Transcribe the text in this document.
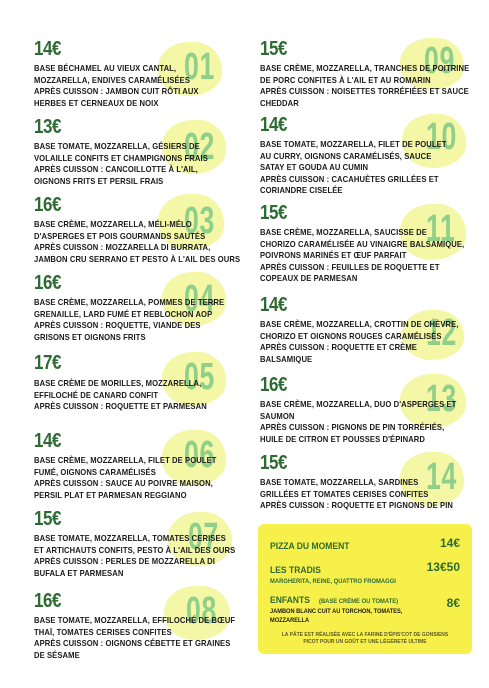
01
14€
BASE BÉCHAMEL AU VIEUX CANTAL,
MOZZARELLA, ENDIVES CARAMÉLISÉES
APRÈS CUISSON : JAMBON CUIT RÔTI AUX
HERBES ET CERNEAUX DE NOIX
02
13€
BASE TOMATE, MOZZARELLA, GÉSIERS DE
VOLAILLE CONFITS ET CHAMPIGNONS FRAIS
APRÈS CUISSON : CANCOILLOTTE À L'AIL,
OIGNONS FRITS ET PERSIL FRAIS
03
16€
BASE CRÈME, MOZZARELLA, MÉLI-MÉLO
D'ASPERGES ET POIS GOURMANDS SAUTÉS
APRÈS CUISSON : MOZZARELLA DI BURRATA,
JAMBON CRU SERRANO ET PESTO À L'AIL DES OURS
04
16€
BASE CRÈME, MOZZARELLA, POMMES DE TERRE
GRENAILLE, LARD FUMÉ ET REBLOCHON AOP
APRÈS CUISSON : ROQUETTE, VIANDE DES
GRISONS ET OIGNONS FRITS
05
17€
BASE CRÈME DE MORILLES, MOZZARELLA,
EFFILOCHÉ DE CANARD CONFIT
APRÈS CUISSON : ROQUETTE ET PARMESAN
06
14€
BASE CRÈME, MOZZARELLA, FILET DE POULET
FUMÉ, OIGNONS CARAMÉLISÉS
APRÈS CUISSON : SAUCE AU POIVRE MAISON,
PERSIL PLAT ET PARMESAN REGGIANO
07
15€
BASE TOMATE, MOZZARELLA, TOMATES CERISES
ET ARTICHAUTS CONFITS, PESTO À L'AIL DES OURS
APRÈS CUISSON : PERLES DE MOZZARELLA DI
BUFALA ET PARMESAN
08
16€
BASE TOMATE, MOZZARELLA, EFFILOCHÉ DE BŒUF
THAÏ, TOMATES CERISES CONFITES
APRÈS CUISSON : OIGNONS CÉBETTE ET GRAINES
DE SÉSAME
09
15€
BASE CRÈME, MOZZARELLA, TRANCHES DE POITRINE
DE PORC CONFITES À L'AIL ET AU ROMARIN
APRÈS CUISSON : NOISETTES TORRÉFIÉES ET SAUCE
CHEDDAR
10
14€
BASE TOMATE, MOZZARELLA, FILET DE POULET
AU CURRY, OIGNONS CARAMÉLISÉS, SAUCE
SATAY ET GOUDA AU CUMIN
APRÈS CUISSON : CACAHUÈTES GRILLÉES ET
CORIANDRE CISELÉE
11
15€
BASE CRÈME, MOZZARELLA, SAUCISSE DE
CHORIZO CARAMÉLISÉE AU VINAIGRE BALSAMIQUE,
POIVRONS MARINÉS ET ŒUF PARFAIT
APRÈS CUISSON : FEUILLES DE ROQUETTE ET
COPEAUX DE PARMESAN
12
14€
BASE CRÈME, MOZZARELLA, CROTTIN DE CHÈVRE,
CHORIZO ET OIGNONS ROUGES CARAMÉLISÉS
APRÈS CUISSON : ROQUETTE ET CRÈME
BALSAMIQUE
13
16€
BASE CRÈME, MOZZARELLA, DUO D'ASPERGES ET
SAUMON
APRÈS CUISSON : PIGNONS DE PIN TORRÉFIÉS,
HUILE DE CITRON ET POUSSES D'ÉPINARD
14
15€
BASE TOMATE, MOZZARELLA, SARDINES
GRILLÉES ET TOMATES CERISES CONFITES
APRÈS CUISSON : ROQUETTE ET PIGNONS DE PIN
PIZZA DU MOMENT	14€
LES TRADIS	13€50
MARGHERITA, REINE, QUATTRO FROMAGGI
ENFANTS (BASE CRÈME OU TOMATE)	8€
JAMBON BLANC CUIT AU TORCHON, TOMATES,
MOZZARELLA
LA PÂTE EST RÉALISÉE AVEC LA FARINE D'ÉPIS'COT DE GONSIENS
PICOT POUR UN GOÛT ET UNE LÉGÈRETÉ ULTIME
